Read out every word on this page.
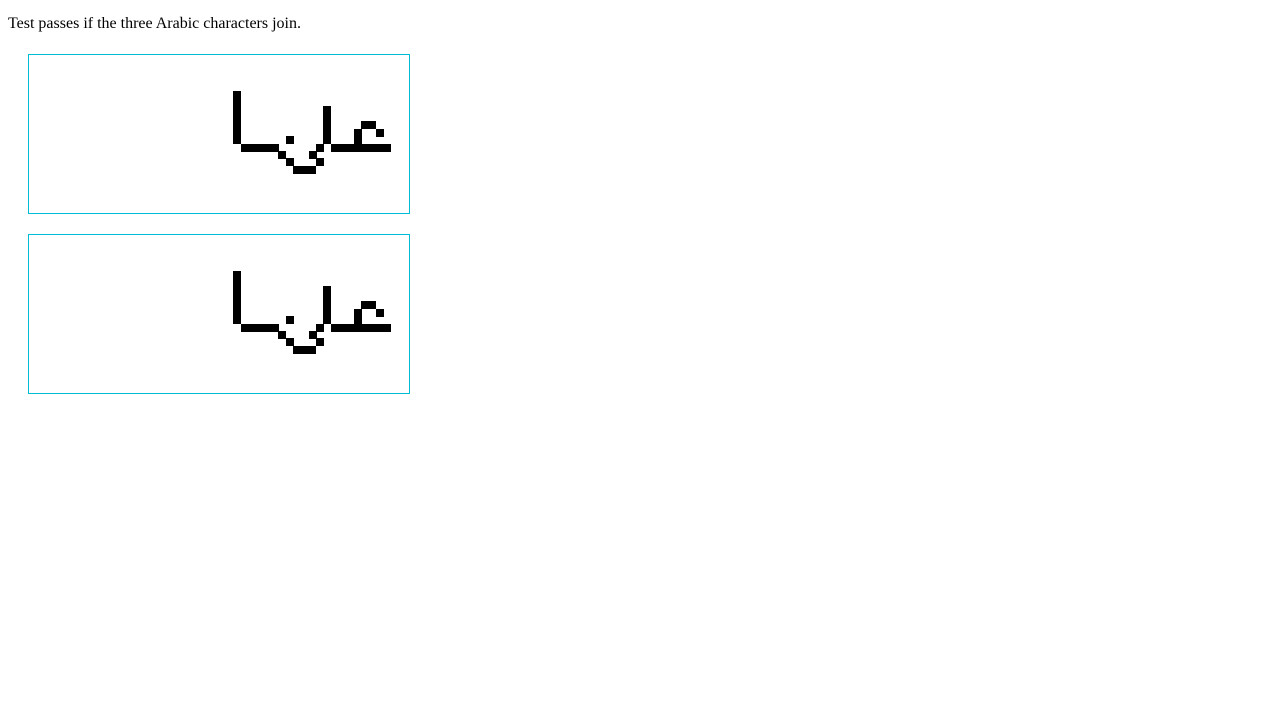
Test passes if the three Arabic characters join.
